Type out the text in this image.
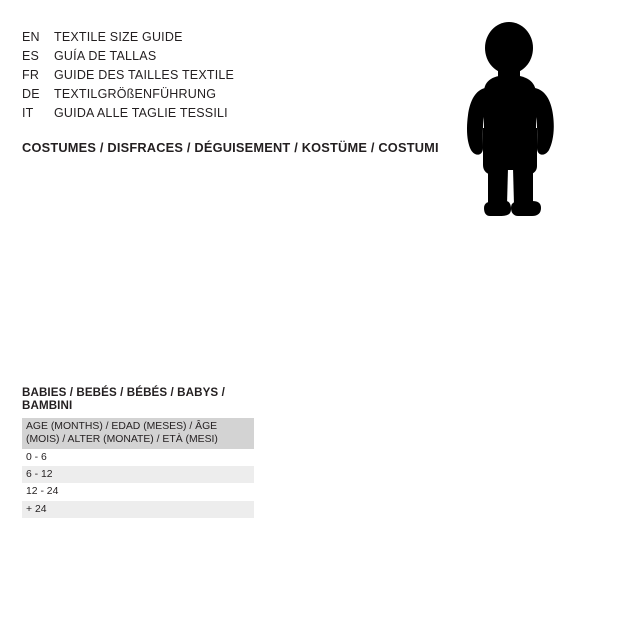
EN	TEXTILE SIZE GUIDE
ES	GUÍA DE TALLAS
FR	GUIDE DES TAILLES TEXTILE
DE	TEXTILGRÖßENFÜHRUNG
IT	GUIDA ALLE TAGLIE TESSILI
COSTUMES / DISFRACES / DÉGUISEMENT / KOSTÜME / COSTUMI
BABIES / BEBÉS / BÉBÉS / BABYS / BAMBINI
AGE (MONTHS) / EDAD (MESES) / ÂGE (MOIS) / ALTER (MONATE) / ETÀ (MESI)
0 - 6
6 - 12
12 - 24
+ 24
